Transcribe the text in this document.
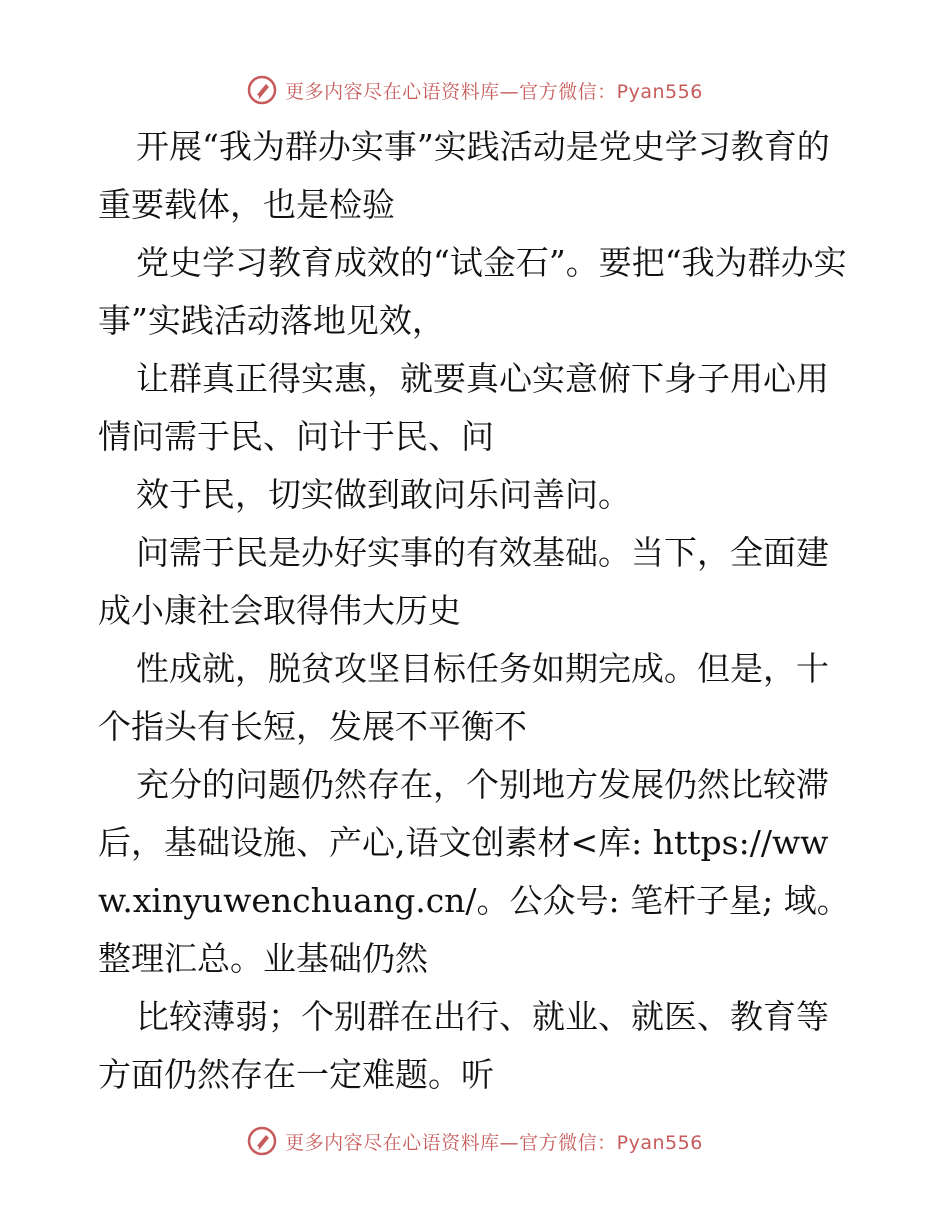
更多内容尽在心语资料库—官方微信：Pyan556

开展“我为群办实事”实践活动是党史学习教育的重要载体，也是检验

党史学习教育成效的“试金石”。要把“我为群办实事”实践活动落地见效，

让群真正得实惠，就要真心实意俯下身子用心用情问需于民、问计于民、问

效于民，切实做到敢问乐问善问。

问需于民是办好实事的有效基础。当下，全面建成小康社会取得伟大历史

性成就，脱贫攻坚目标任务如期完成。但是，十个指头有长短，发展不平衡不

充分的问题仍然存在，个别地方发展仍然比较滞后，基础设施、产心,语文创素材<库: https://www.xinyuwenchuang.cn/。公众号: 笔杆子星; 域。整理汇总。业基础仍然

比较薄弱；个别群在出行、就业、就医、教育等方面仍然存在一定难题。听

更多内容尽在心语资料库—官方微信：Pyan556
